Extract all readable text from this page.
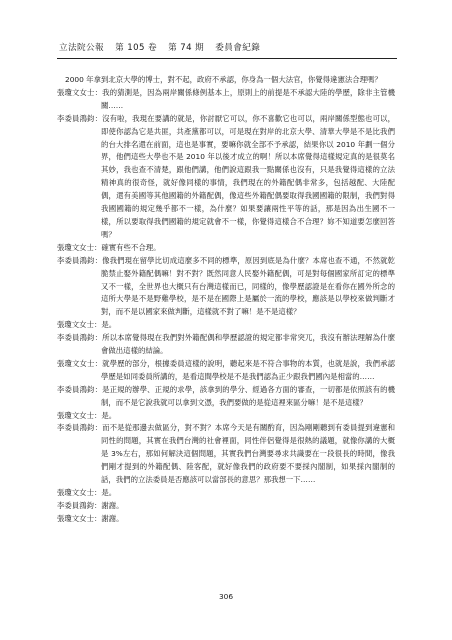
立法院公報 第 105 卷 第 74 期 委員會紀錄

2000 年拿到北京大學的博士，對不起，政府不承認，你身為一個大法官，你覺得違憲法合理嗎？

張瓊文女士：我的猜測是，因為兩岸關係條例基本上，原則上的前提是不承認大陸的學歷，除非主管機關……

李委員鴻鈞：沒有啦，我現在要講的就是，你討厭它可以，你不喜歡它也可以，兩岸關係型態也可以，即使你認為它是共匪，共產黨都可以，可是現在對岸的北京大學、清華大學是不是比我們的台大排名還在前面，這也是事實，要嘛你就全部不予承認，結果你以 2010 年劃一個分界，他們這些大學也不是 2010 年以後才成立的啊！所以本席覺得這樣規定真的是很莫名其妙，我也查不清楚，跟他們講，他們說這跟我一點關係也沒有，只是我覺得這樣的立法精神真的很奇怪，就好像同樣的事情，我們現在的外籍配偶非常多，包括越配、大陸配偶，還有美國等其他國籍的外籍配偶，像這些外籍配偶要取得我國國籍的限制，我們對得我國國籍的規定幾乎都不一樣，為什麼？如果要讓兩性平等的話，那是因為出生國不一樣，所以要取得我們國籍的規定就會不一樣，你覺得這樣合不合理？妳不知道要怎麼回答嗎？

張瓊文女士：確實有些不合理。

李委員鴻鈞：像我們現在留學比切成這麼多不同的標準，原因到底是為什麼？本席也查不通，不然就乾脆禁止娶外籍配偶嘛！對不對？既然同意人民娶外籍配偶，可是對每個國家所訂定的標準又不一樣，全世界也大概只有台灣這樣而已，同樣的，像學歷認證是在看你在國外所念的這所大學是不是野雞學校，是不是在國際上是屬於一流的學校，應該是以學校來做判斷才對，而不是以國家來做判斷，這樣就不對了嘛！是不是這樣？

張瓊文女士：是。

李委員鴻鈞：所以本席覺得現在我們對外籍配偶和學歷認證的規定都非常突兀，我沒有辦法理解為什麼會做出這樣的結論。

張瓊文女士：就學歷的部分，根據委員這樣的說明，聽起來是不符合事物的本質，也就是說，我們承認學歷是如同委員所講的，是看這間學校是不是我們認為正少跟我們國內是相當的……

李委員鴻鈞：是正規的辦學、正規的求學，該拿到的學分、經過各方面的審查，一切都是依照該有的機制，而不是它說我就可以拿到文憑，我們要做的是從這裡來區分嘛！是不是這樣？

張瓊文女士：是。

李委員鴻鈞：而不是從那邊去做區分，對不對？本席今天是有關酌育，因為剛剛聽到有委員提到違憲和同性的問題，其實在我們台灣的社會裡面，同性伴侶覺得是很熱的議題，就像你講的大概是 3%左右，那如何解決這個問題，其實我們台灣要尋求共識要在一段很長的時間，像我們剛才提到的外籍配偶、陸客配，就好像我們的政府要不要採內閣制，如果採內閣制的話，我們的立法委員是否應該可以當部長的意思？那我想一下……

張瓊文女士：是。

李委員鴻鈞：謝謝。

張瓊文女士：謝謝。

306
